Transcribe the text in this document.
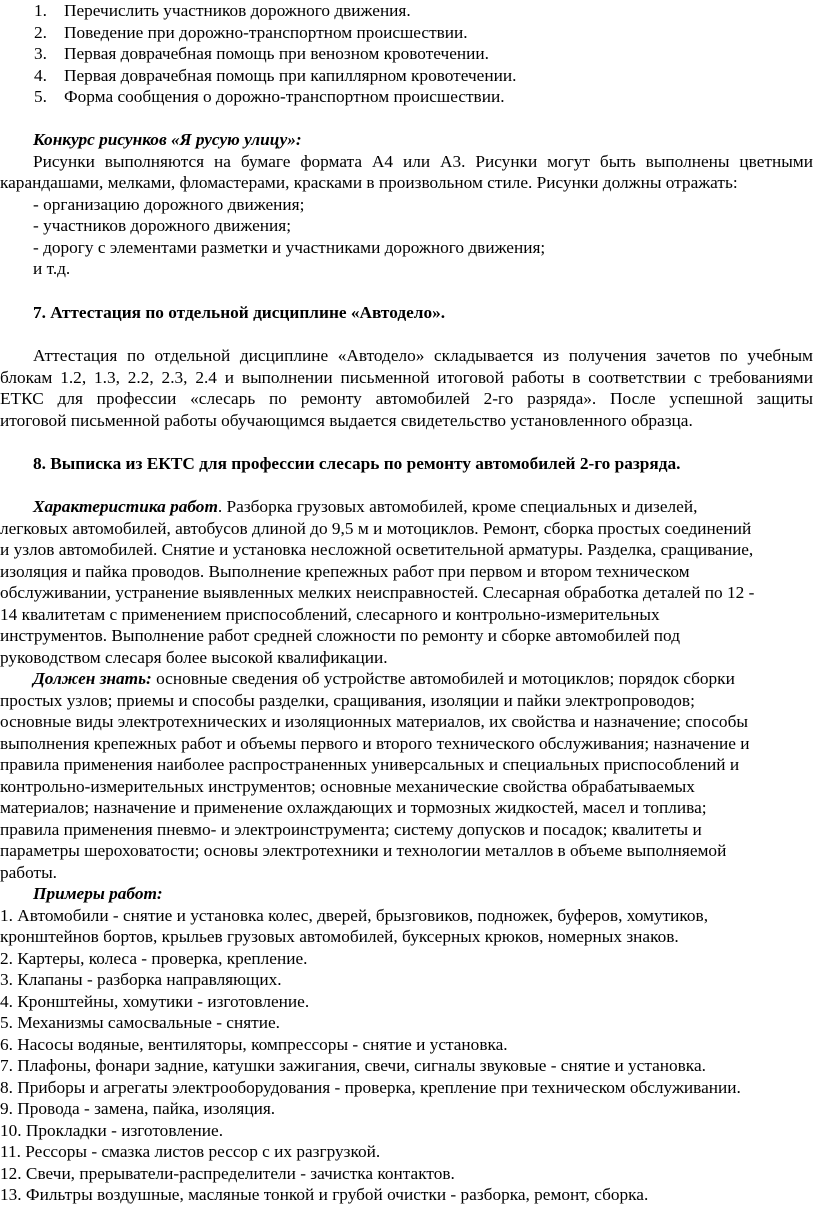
1. Перечислить участников дорожного движения.
2. Поведение при дорожно-транспортном происшествии.
3. Первая доврачебная помощь при венозном кровотечении.
4. Первая доврачебная помощь при капиллярном кровотечении.
5. Форма сообщения о дорожно-транспортном происшествии.
Конкурс рисунков «Я русую улицу»:
Рисунки выполняются на бумаге формата А4 или А3. Рисунки могут быть выполнены цветными
карандашами, мелками, фломастерами, красками в произвольном стиле. Рисунки должны отражать:
- организацию дорожного движения;
- участников дорожного движения;
- дорогу с элементами разметки и участниками дорожного движения;
и т.д.
7. Аттестация по отдельной дисциплине «Автодело».
Аттестация по отдельной дисциплине «Автодело» складывается из получения зачетов по учебным
блокам 1.2, 1.3, 2.2, 2.3, 2.4 и выполнении письменной итоговой работы в соответствии с требованиями
ЕТКС для профессии «слесарь по ремонту автомобилей 2-го разряда». После успешной защиты
итоговой письменной работы обучающимся выдается свидетельство установленного образца.
8. Выписка из ЕКТС для профессии слесарь по ремонту автомобилей 2-го разряда.
Характеристика работ. Разборка грузовых автомобилей, кроме специальных и дизелей,
легковых автомобилей, автобусов длиной до 9,5 м и мотоциклов. Ремонт, сборка простых соединений
и узлов автомобилей. Снятие и установка несложной осветительной арматуры. Разделка, сращивание,
изоляция и пайка проводов. Выполнение крепежных работ при первом и втором техническом
обслуживании, устранение выявленных мелких неисправностей. Слесарная обработка деталей по 12 -
14 квалитетам с применением приспособлений, слесарного и контрольно-измерительных
инструментов. Выполнение работ средней сложности по ремонту и сборке автомобилей под
руководством слесаря более высокой квалификации.
Должен знать: основные сведения об устройстве автомобилей и мотоциклов; порядок сборки
простых узлов; приемы и способы разделки, сращивания, изоляции и пайки электропроводов;
основные виды электротехнических и изоляционных материалов, их свойства и назначение; способы
выполнения крепежных работ и объемы первого и второго технического обслуживания; назначение и
правила применения наиболее распространенных универсальных и специальных приспособлений и
контрольно-измерительных инструментов; основные механические свойства обрабатываемых
материалов; назначение и применение охлаждающих и тормозных жидкостей, масел и топлива;
правила применения пневмо- и электроинструмента; систему допусков и посадок; квалитеты и
параметры шероховатости; основы электротехники и технологии металлов в объеме выполняемой
работы.
Примеры работ:
1. Автомобили - снятие и установка колес, дверей, брызговиков, подножек, буферов, хомутиков,
кронштейнов бортов, крыльев грузовых автомобилей, буксерных крюков, номерных знаков.
2. Картеры, колеса - проверка, крепление.
3. Клапаны - разборка направляющих.
4. Кронштейны, хомутики - изготовление.
5. Механизмы самосвальные - снятие.
6. Насосы водяные, вентиляторы, компрессоры - снятие и установка.
7. Плафоны, фонари задние, катушки зажигания, свечи, сигналы звуковые - снятие и установка.
8. Приборы и агрегаты электрооборудования - проверка, крепление при техническом обслуживании.
9. Провода - замена, пайка, изоляция.
10. Прокладки - изготовление.
11. Рессоры - смазка листов рессор с их разгрузкой.
12. Свечи, прерыватели-распределители - зачистка контактов.
13. Фильтры воздушные, масляные тонкой и грубой очистки - разборка, ремонт, сборка.
